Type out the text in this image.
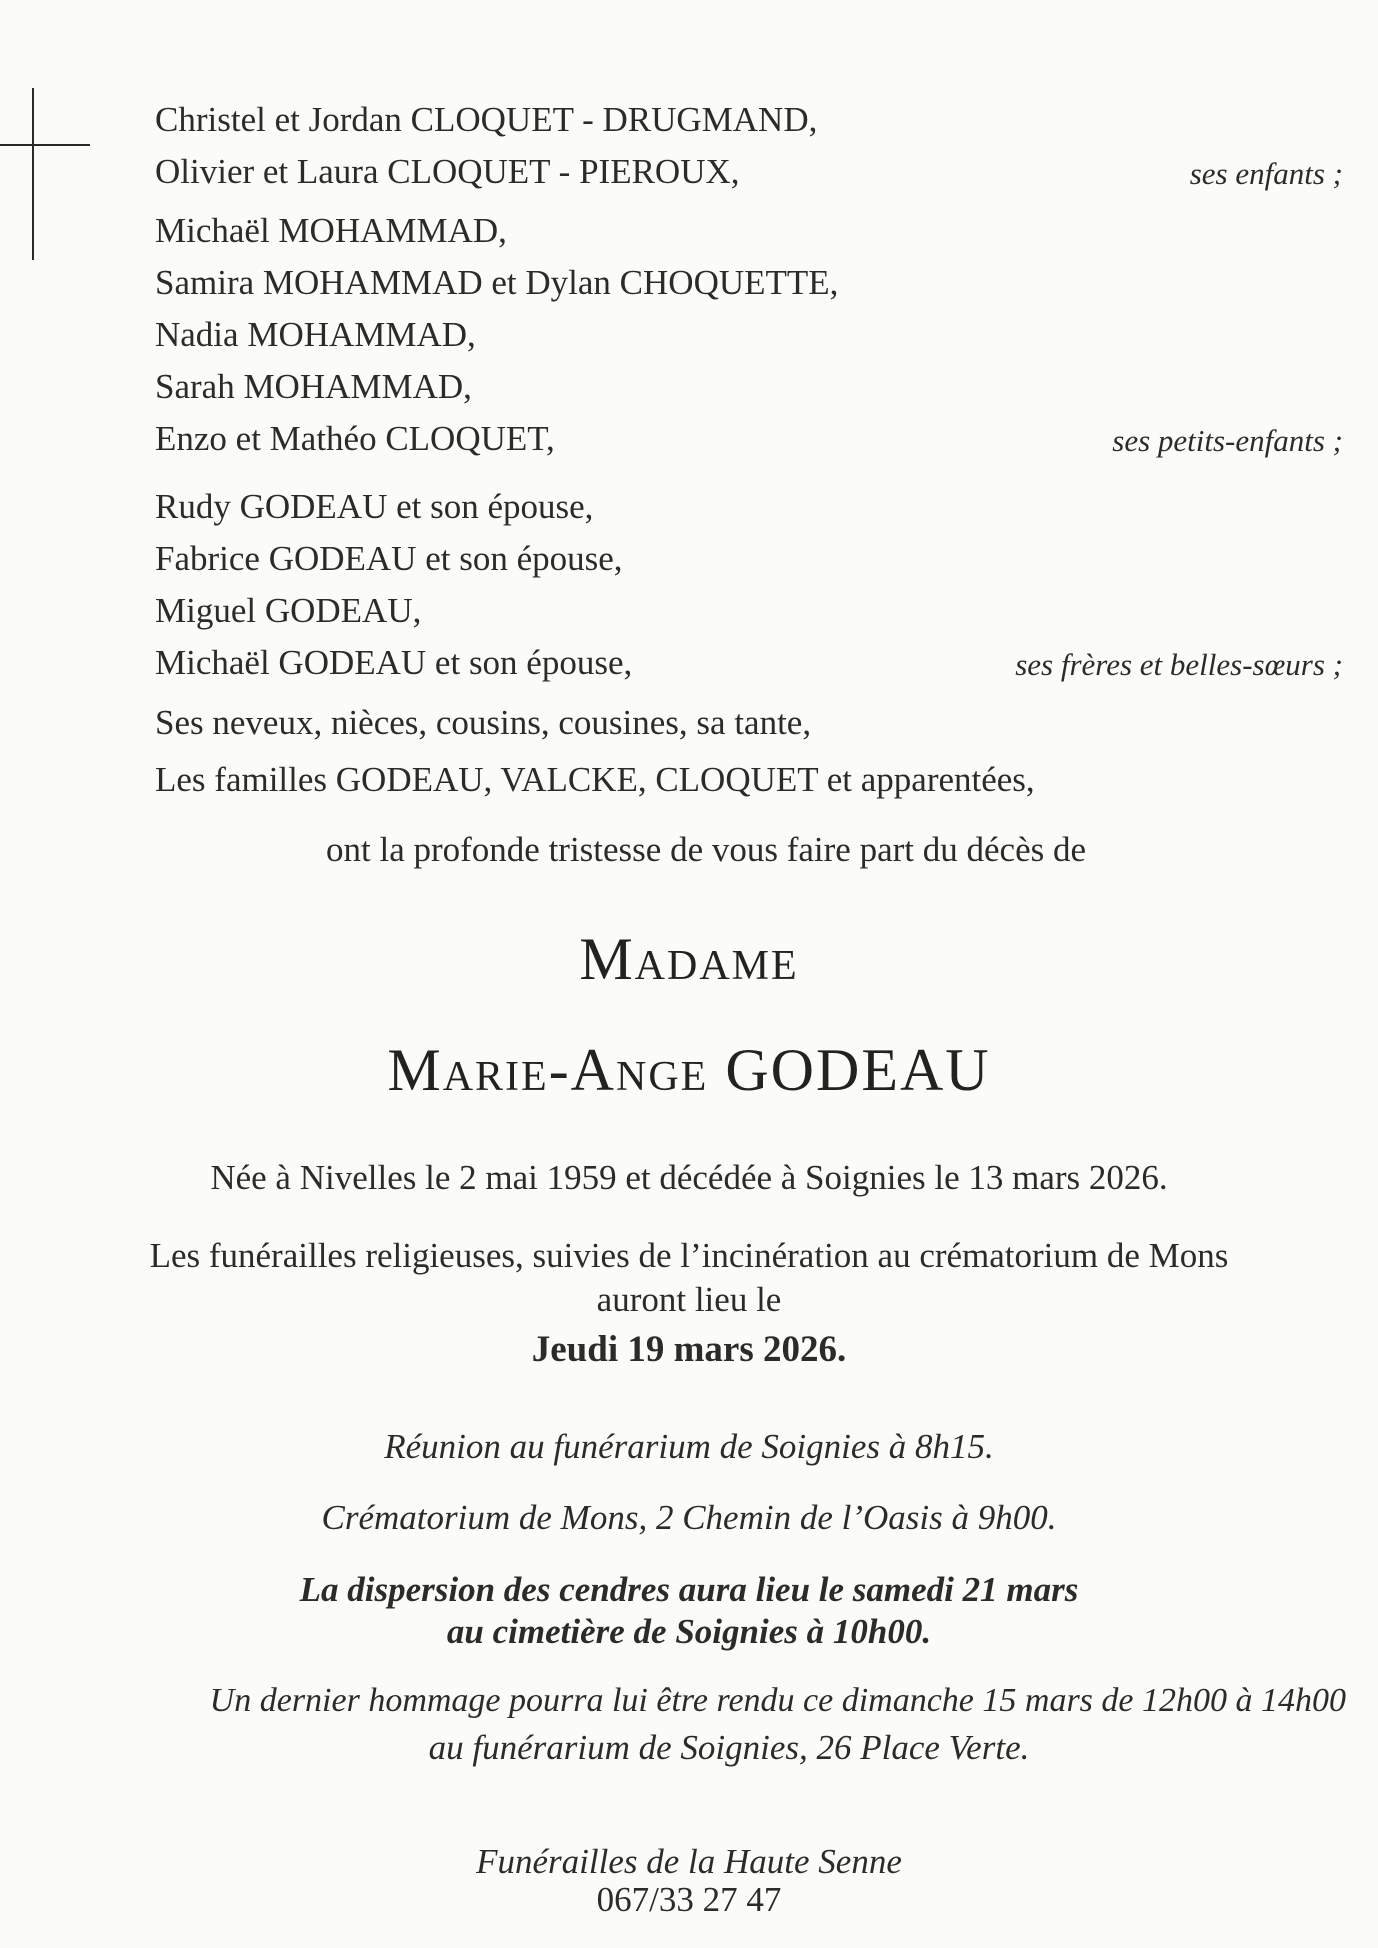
Christel et Jordan CLOQUET - DRUGMAND,
Olivier et Laura CLOQUET - PIEROUX,	ses enfants ;
Michaël MOHAMMAD,
Samira MOHAMMAD et Dylan CHOQUETTE,
Nadia MOHAMMAD,
Sarah MOHAMMAD,
Enzo et Mathéo CLOQUET,	ses petits-enfants ;
Rudy GODEAU et son épouse,
Fabrice GODEAU et son épouse,
Miguel GODEAU,
Michaël GODEAU et son épouse,	ses frères et belles-sœurs ;
Ses neveux, nièces, cousins, cousines, sa tante,
Les familles GODEAU, VALCKE, CLOQUET et apparentées,
ont la profonde tristesse de vous faire part du décès de
Madame
Marie-Ange GODEAU
Née à Nivelles le 2 mai 1959 et décédée à Soignies le 13 mars 2026.
Les funérailles religieuses, suivies de l’incinération au crématorium de Mons
auront lieu le
Jeudi 19 mars 2026.
Réunion au funérarium de Soignies à 8h15.
Crématorium de Mons, 2 Chemin de l’Oasis à 9h00.
La dispersion des cendres aura lieu le samedi 21 mars
au cimetière de Soignies à 10h00.
Un dernier hommage pourra lui être rendu ce dimanche 15 mars de 12h00 à 14h00
au funérarium de Soignies, 26 Place Verte.
Funérailles de la Haute Senne
067/33 27 47
